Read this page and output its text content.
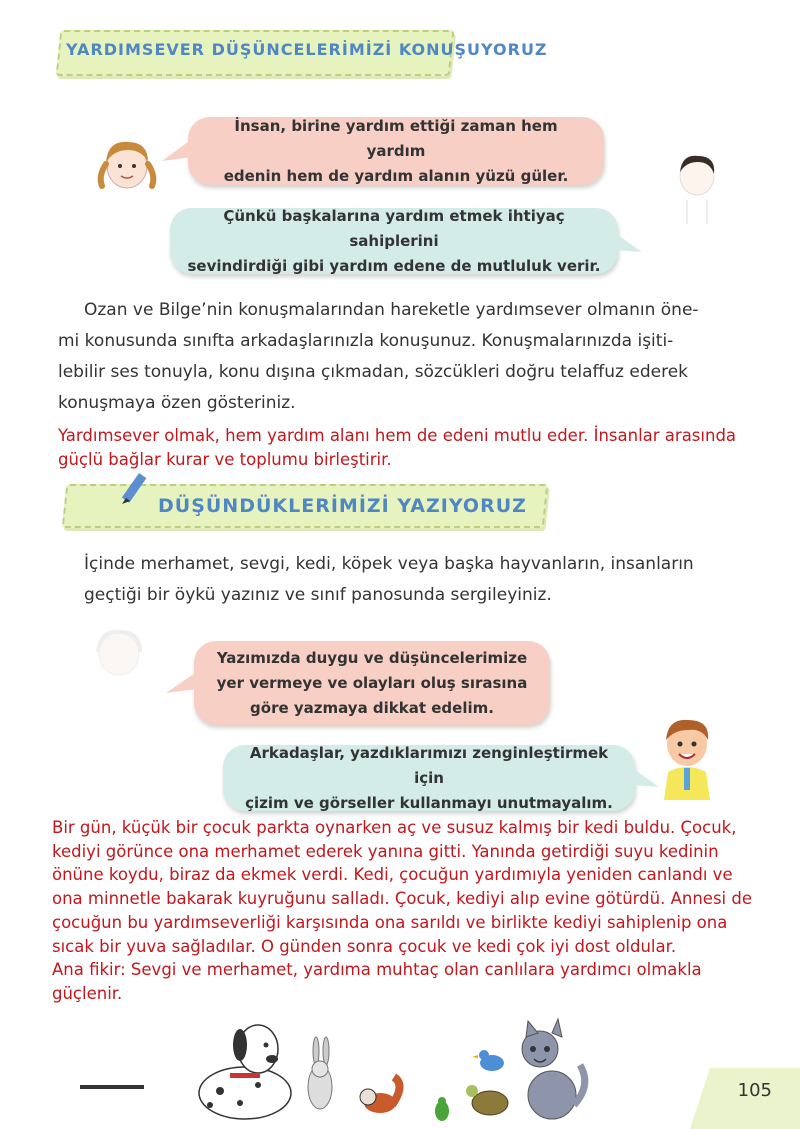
YARDIMSEVER DÜŞÜNCELERİMİZİ KONUŞUYORUZ
İnsan, birine yardım ettiği zaman hem yardım
edenin hem de yardım alanın yüzü güler.
Çünkü başkalarına yardım etmek ihtiyaç sahiplerini
sevindirdiği gibi yardım edene de mutluluk verir.
Ozan ve Bilge’nin konuşmalarından hareketle yardımsever olmanın öne-
mi konusunda sınıfta arkadaşlarınızla konuşunuz. Konuşmalarınızda işiti-
lebilir ses tonuyla, konu dışına çıkmadan, sözcükleri doğru telaffuz ederek
konuşmaya özen gösteriniz.
Yardımsever olmak, hem yardım alanı hem de edeni mutlu eder. İnsanlar arasında
güçlü bağlar kurar ve toplumu birleştirir.
DÜŞÜNDÜKLERİMİZİ YAZIYORUZ
İçinde merhamet, sevgi, kedi, köpek veya başka hayvanların, insanların
geçtiği bir öykü yazınız ve sınıf panosunda sergileyiniz.
Yazımızda duygu ve düşüncelerimize
yer vermeye ve olayları oluş sırasına
göre yazmaya dikkat edelim.
Arkadaşlar, yazdıklarımızı zenginleştirmek için
çizim ve görseller kullanmayı unutmayalım.
Bir gün, küçük bir çocuk parkta oynarken aç ve susuz kalmış bir kedi buldu. Çocuk,
kediyi görünce ona merhamet ederek yanına gitti. Yanında getirdiği suyu kedinin
önüne koydu, biraz da ekmek verdi. Kedi, çocuğun yardımıyla yeniden canlandı ve
ona minnetle bakarak kuyruğunu salladı. Çocuk, kediyi alıp evine götürdü. Annesi de
çocuğun bu yardımseverliği karşısında ona sarıldı ve birlikte kediyi sahiplenip ona
sıcak bir yuva sağladılar. O günden sonra çocuk ve kedi çok iyi dost oldular.
Ana fikir: Sevgi ve merhamet, yardıma muhtaç olan canlılara yardımcı olmakla
güçlenir.
105
